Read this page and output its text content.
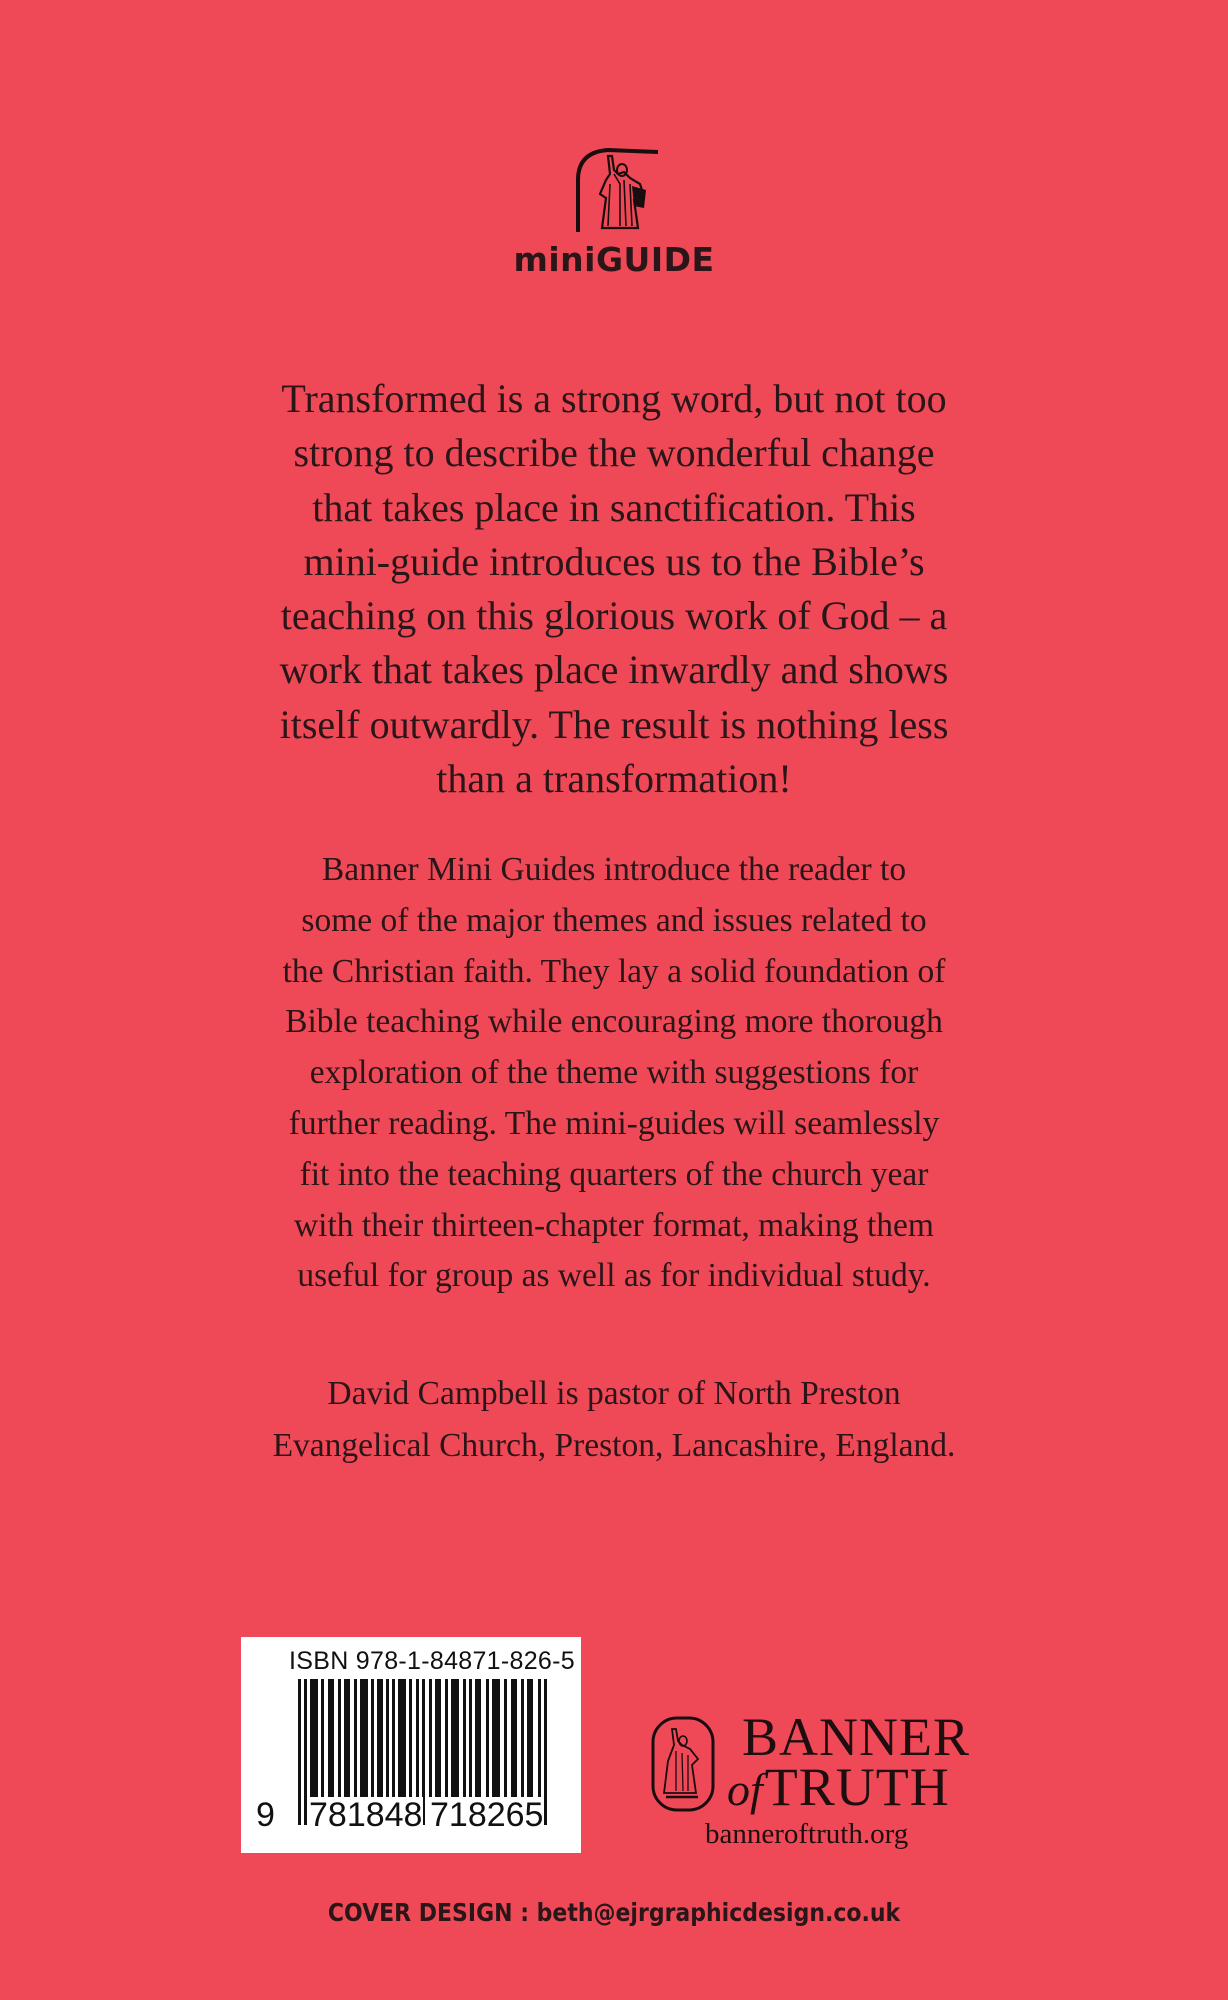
miniGUIDE
Transformed is a strong word, but not too
strong to describe the wonderful change
that takes place in sanctification. This
mini-guide introduces us to the Bible’s
teaching on this glorious work of God – a
work that takes place inwardly and shows
itself outwardly. The result is nothing less
than a transformation!
Banner Mini Guides introduce the reader to
some of the major themes and issues related to
the Christian faith. They lay a solid foundation of
Bible teaching while encouraging more thorough
exploration of the theme with suggestions for
further reading. The mini-guides will seamlessly
fit into the teaching quarters of the church year
with their thirteen-chapter format, making them
useful for group as well as for individual study.
David Campbell is pastor of North Preston
Evangelical Church, Preston, Lancashire, England.
ISBN 978-1-84871-826-5
9 781848 718265
BANNER
ofTRUTH
banneroftruth.org
COVER DESIGN : beth@ejrgraphicdesign.co.uk
